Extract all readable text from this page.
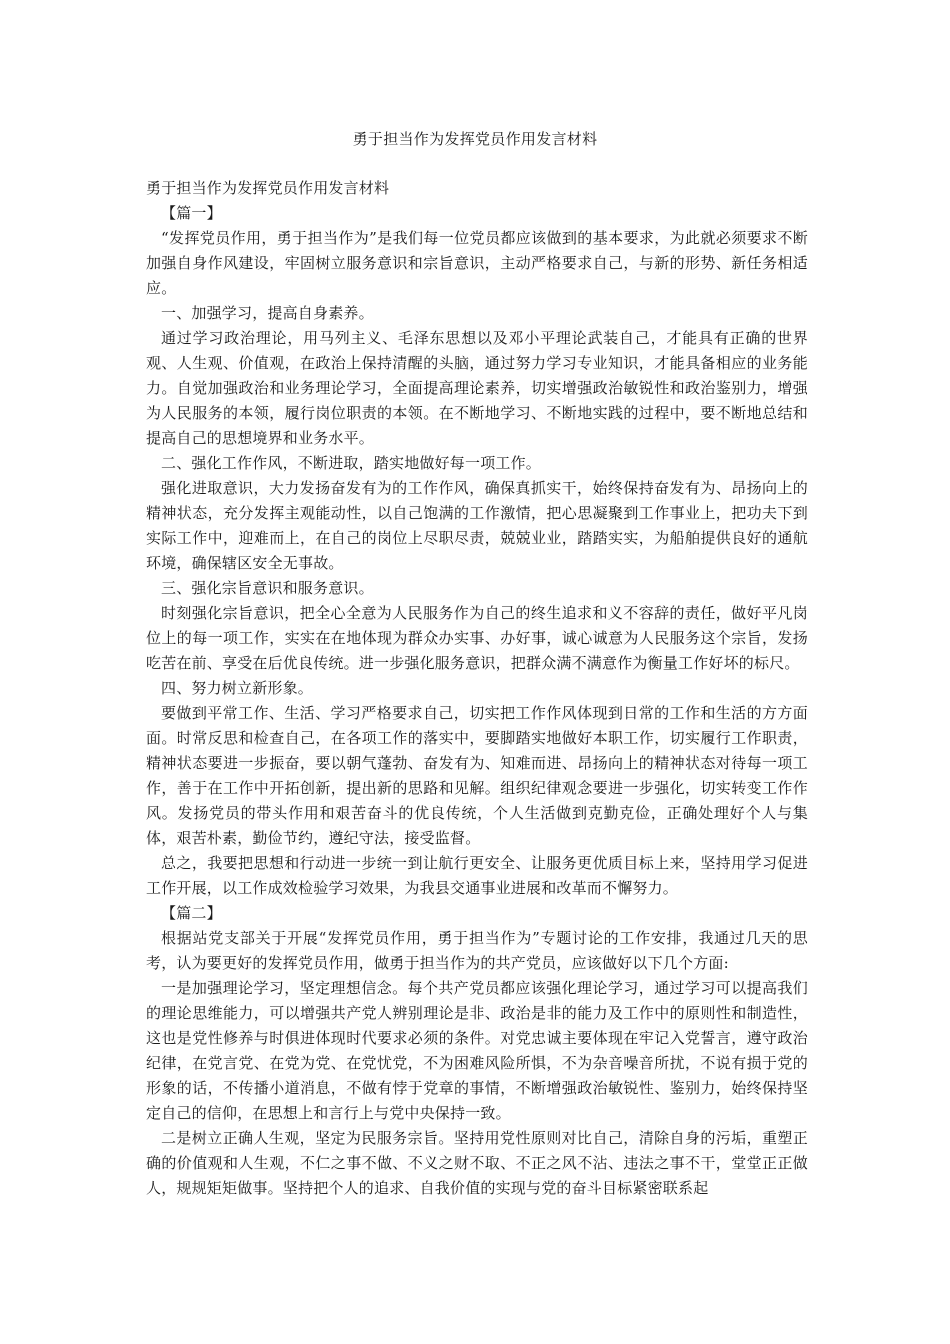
勇于担当作为发挥党员作用发言材料

勇于担当作为发挥党员作用发言材料

【篇一】

“发挥党员作用，勇于担当作为”是我们每一位党员都应该做到的基本要求，为此就必须要求不断加强自身作风建设，牢固树立服务意识和宗旨意识，主动严格要求自己，与新的形势、新任务相适应。

一、加强学习，提高自身素养。

通过学习政治理论，用马列主义、毛泽东思想以及邓小平理论武装自己，才能具有正确的世界观、人生观、价值观，在政治上保持清醒的头脑，通过努力学习专业知识，才能具备相应的业务能力。自觉加强政治和业务理论学习，全面提高理论素养，切实增强政治敏锐性和政治鉴别力，增强为人民服务的本领，履行岗位职责的本领。在不断地学习、不断地实践的过程中，要不断地总结和提高自己的思想境界和业务水平。

二、强化工作作风，不断进取，踏实地做好每一项工作。

强化进取意识，大力发扬奋发有为的工作作风，确保真抓实干，始终保持奋发有为、昂扬向上的精神状态，充分发挥主观能动性，以自己饱满的工作激情，把心思凝聚到工作事业上，把功夫下到实际工作中，迎难而上，在自己的岗位上尽职尽责，兢兢业业，踏踏实实，为船舶提供良好的通航环境，确保辖区安全无事故。

三、强化宗旨意识和服务意识。

时刻强化宗旨意识，把全心全意为人民服务作为自己的终生追求和义不容辞的责任，做好平凡岗位上的每一项工作，实实在在地体现为群众办实事、办好事，诚心诚意为人民服务这个宗旨，发扬吃苦在前、享受在后优良传统。进一步强化服务意识，把群众满不满意作为衡量工作好坏的标尺。

四、努力树立新形象。

要做到平常工作、生活、学习严格要求自己，切实把工作作风体现到日常的工作和生活的方方面面。时常反思和检查自己，在各项工作的落实中，要脚踏实地做好本职工作，切实履行工作职责，精神状态要进一步振奋，要以朝气蓬勃、奋发有为、知难而进、昂扬向上的精神状态对待每一项工作，善于在工作中开拓创新，提出新的思路和见解。组织纪律观念要进一步强化，切实转变工作作风。发扬党员的带头作用和艰苦奋斗的优良传统，个人生活做到克勤克俭，正确处理好个人与集体，艰苦朴素，勤俭节约，遵纪守法，接受监督。

总之，我要把思想和行动进一步统一到让航行更安全、让服务更优质目标上来，坚持用学习促进工作开展，以工作成效检验学习效果，为我县交通事业进展和改革而不懈努力。

【篇二】

根据站党支部关于开展“发挥党员作用，勇于担当作为”专题讨论的工作安排，我通过几天的思考，认为要更好的发挥党员作用，做勇于担当作为的共产党员，应该做好以下几个方面:

一是加强理论学习，坚定理想信念。每个共产党员都应该强化理论学习，通过学习可以提高我们的理论思维能力，可以增强共产党人辨别理论是非、政治是非的能力及工作中的原则性和制造性，这也是党性修养与时俱进体现时代要求必须的条件。对党忠诚主要体现在牢记入党誓言，遵守政治纪律，在党言党、在党为党、在党忧党，不为困难风险所惧，不为杂音噪音所扰，不说有损于党的形象的话，不传播小道消息，不做有悖于党章的事情，不断增强政治敏锐性、鉴别力，始终保持坚定自己的信仰，在思想上和言行上与党中央保持一致。

二是树立正确人生观，坚定为民服务宗旨。坚持用党性原则对比自己，清除自身的污垢，重塑正确的价值观和人生观，不仁之事不做、不义之财不取、不正之风不沾、违法之事不干，堂堂正正做人，规规矩矩做事。坚持把个人的追求、自我价值的实现与党的奋斗目标紧密联系起
